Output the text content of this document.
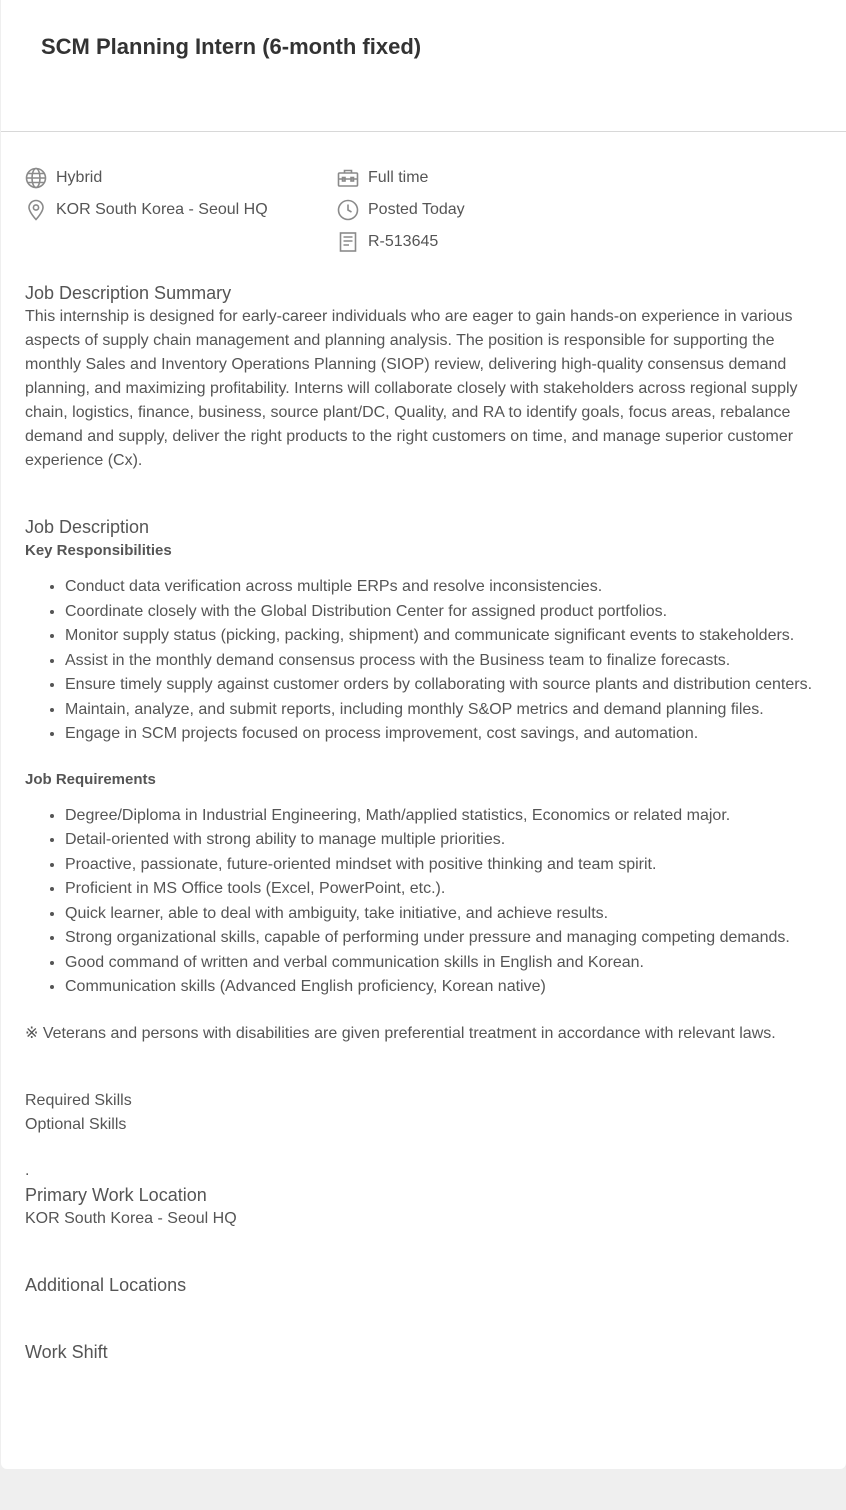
SCM Planning Intern (6-month fixed)
Hybrid
KOR South Korea - Seoul HQ
Full time
Posted Today
R-513645
Job Description Summary

This internship is designed for early-career individuals who are eager to gain hands-on experience in various aspects of supply chain management and planning analysis. The position is responsible for supporting the monthly Sales and Inventory Operations Planning (SIOP) review, delivering high-quality consensus demand planning, and maximizing profitability. Interns will collaborate closely with stakeholders across regional supply chain, logistics, finance, business, source plant/DC, Quality, and RA to identify goals, focus areas, rebalance demand and supply, deliver the right products to the right customers on time, and manage superior customer experience (Cx).

Job Description

Key Responsibilities

• Conduct data verification across multiple ERPs and resolve inconsistencies.
• Coordinate closely with the Global Distribution Center for assigned product portfolios.
• Monitor supply status (picking, packing, shipment) and communicate significant events to stakeholders.
• Assist in the monthly demand consensus process with the Business team to finalize forecasts.
• Ensure timely supply against customer orders by collaborating with source plants and distribution centers.
• Maintain, analyze, and submit reports, including monthly S&OP metrics and demand planning files.
• Engage in SCM projects focused on process improvement, cost savings, and automation.

Job Requirements

• Degree/Diploma in Industrial Engineering, Math/applied statistics, Economics or related major.
• Detail-oriented with strong ability to manage multiple priorities.
• Proactive, passionate, future-oriented mindset with positive thinking and team spirit.
• Proficient in MS Office tools (Excel, PowerPoint, etc.).
• Quick learner, able to deal with ambiguity, take initiative, and achieve results.
• Strong organizational skills, capable of performing under pressure and managing competing demands.
• Good command of written and verbal communication skills in English and Korean.
• Communication skills (Advanced English proficiency, Korean native)

※ Veterans and persons with disabilities are given preferential treatment in accordance with relevant laws.

Required Skills

Optional Skills

.

Primary Work Location

KOR South Korea - Seoul HQ

Additional Locations
Work Shift
